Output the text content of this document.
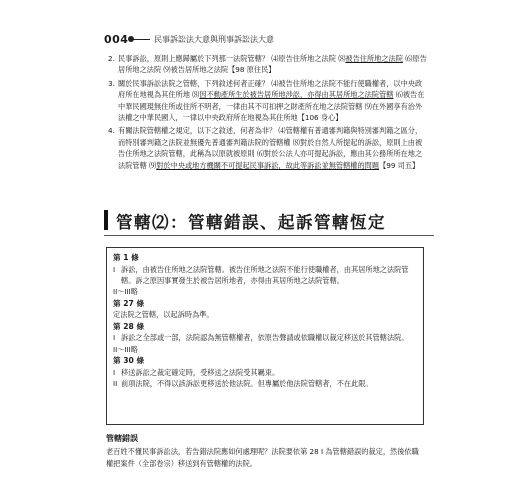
004	民事訴訟法大意與刑事訴訟法大意
2. 民事訴訟，原則上應歸屬於下列那一法院管轄？ ⑷原告住所地之法院 ⑻被告住所地之法院 ⑹原告居所地之法院 ⑼被告居所地之法院【98 原住民】
3. 關於民事訴訟法院之管轄，下列敘述何者正確？ ⑷被告住所地之法院不能行使職權者，以中央政府所在地視為其住所地 ⑻因不動產所生於被告居所地涉訟，亦得由其居所地之法院管轄 ⑹被告在中華民國現無住所或住所不明者，一律由其不可扣押之財產所在地之法院管轄 ⑼在外國享有治外法權之中華民國人，一律以中央政府所在地視為其住所地【106 身心】
4. 有關法院管轄權之規定，以下之敘述，何者為非？ ⑷管轄權有普通審判籍與特別審判籍之區分，而特別審判籍之法院並無優先普通審判籍法院的管轄權 ⑻對於自然人所提起的訴訟，原則上由被告住所地之法院管轄，此稱為以原就被原則 ⑹對於公法人亦可提起訴訟，應由其公務所所在地之法院管轄 ⑼對於中央或地方機關不可提起民事訴訟，故此等訴訟並無管轄權的問題【99 司五】
管轄⑵：管轄錯誤、起訴管轄恆定
第 1 條
I 訴訟，由被告住所地之法院管轄。被告住所地之法院不能行使職權者，由其居所地之法院管轄。訴之原因事實發生於被告居所地者，亦得由其居所地之法院管轄。
II～III略
第 27 條
定法院之管轄，以起訴時為準。
第 28 條
I 訴訟之全部或一部，法院認為無管轄權者，依原告聲請或依職權以裁定移送於其管轄法院。
II～III略
第 30 條
I 移送訴訟之裁定確定時，受移送之法院受其羈束。
II 前項法院，不得以該訴訟更移送於他法院。但專屬於他法院管轄者，不在此限。
管轄錯誤
老百姓不懂民事訴訟法，若告錯法院應如何處理呢？法院要依第 28 I 為管轄錯誤的裁定，然後依職權把案件（全部卷宗）移送到有管轄權的法院。
